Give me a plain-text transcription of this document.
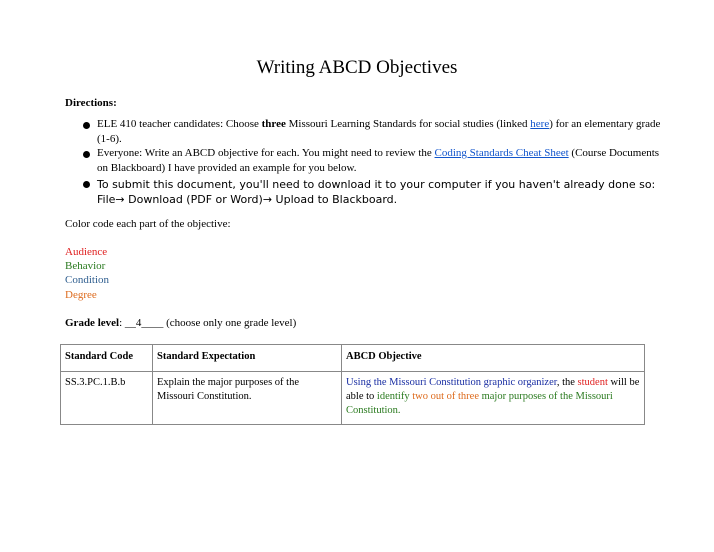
Writing ABCD Objectives
Directions:
ELE 410 teacher candidates: Choose three Missouri Learning Standards for social studies (linked here) for an elementary grade (1-6).
Everyone: Write an ABCD objective for each. You might need to review the Coding Standards Cheat Sheet (Course Documents on Blackboard) I have provided an example for you below.
To submit this document, you'll need to download it to your computer if you haven't already done so: File→ Download (PDF or Word)→ Upload to Blackboard.
Color code each part of the objective:
Audience
Behavior
Condition
Degree
Grade level: __4____ (choose only one grade level)
Standard Code	Standard Expectation	ABCD Objective
SS.3.PC.1.B.b	Explain the major purposes of the Missouri Constitution.	Using the Missouri Constitution graphic organizer, the student will be able to identify two out of three major purposes of the Missouri Constitution.
